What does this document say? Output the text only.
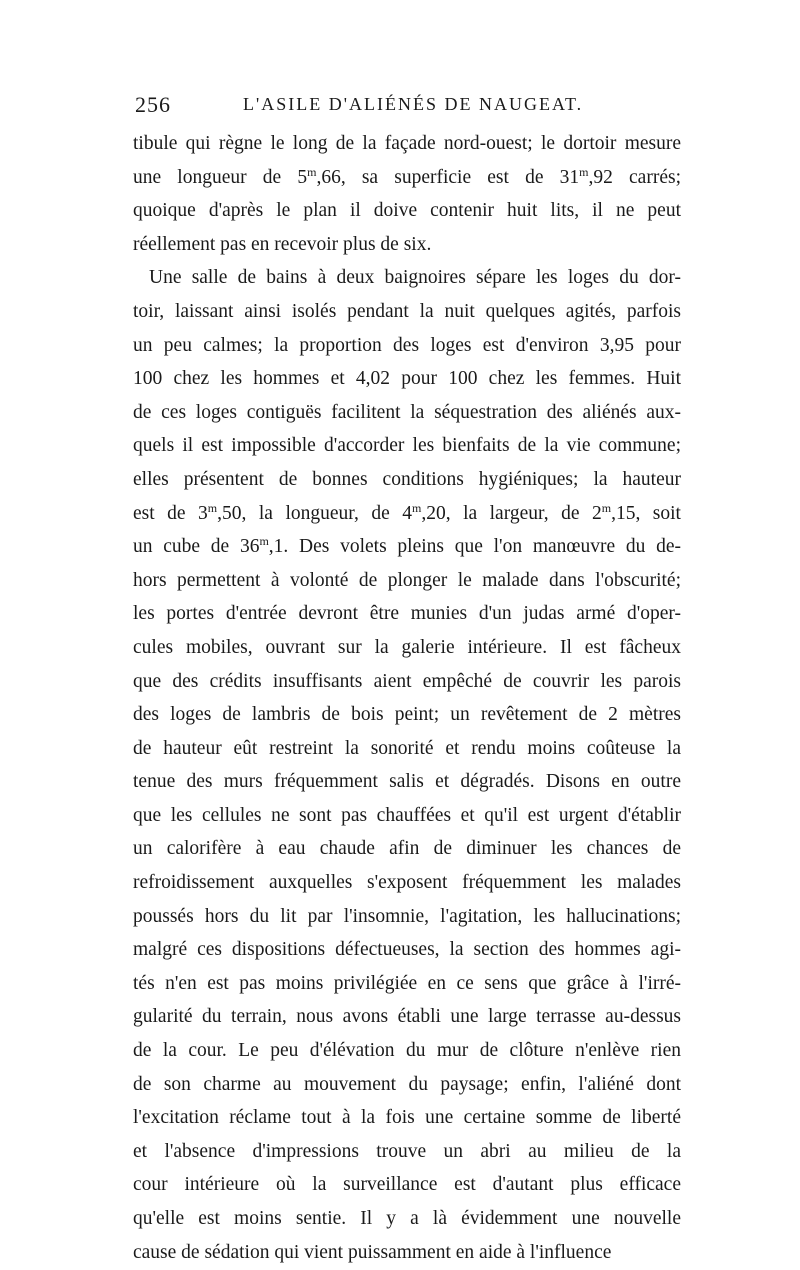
256	L'ASILE D'ALIÉNÉS DE NAUGEAT.
tibule qui règne le long de la façade nord-ouest; le dortoir mesure
une longueur de 5$^m$,66, sa superficie est de 31$^m$,92 carrés;
quoique d'après le plan il doive contenir huit lits, il ne peut
réellement pas en recevoir plus de six.
Une salle de bains à deux baignoires sépare les loges du dor-
toir, laissant ainsi isolés pendant la nuit quelques agités, parfois
un peu calmes; la proportion des loges est d'environ 3,95 pour
100 chez les hommes et 4,02 pour 100 chez les femmes. Huit
de ces loges contiguës facilitent la séquestration des aliénés aux-
quels il est impossible d'accorder les bienfaits de la vie commune;
elles présentent de bonnes conditions hygiéniques; la hauteur
est de 3$^m$,50, la longueur, de 4$^m$,20, la largeur, de 2$^m$,15, soit
un cube de 36$^m$,1. Des volets pleins que l'on manœuvre du de-
hors permettent à volonté de plonger le malade dans l'obscurité;
les portes d'entrée devront être munies d'un judas armé d'oper-
cules mobiles, ouvrant sur la galerie intérieure. Il est fâcheux
que des crédits insuffisants aient empêché de couvrir les parois
des loges de lambris de bois peint; un revêtement de 2 mètres
de hauteur eût restreint la sonorité et rendu moins coûteuse la
tenue des murs fréquemment salis et dégradés. Disons en outre
que les cellules ne sont pas chauffées et qu'il est urgent d'établir
un calorifère à eau chaude afin de diminuer les chances de
refroidissement auxquelles s'exposent fréquemment les malades
poussés hors du lit par l'insomnie, l'agitation, les hallucinations;
malgré ces dispositions défectueuses, la section des hommes agi-
tés n'en est pas moins privilégiée en ce sens que grâce à l'irré-
gularité du terrain, nous avons établi une large terrasse au-dessus
de la cour. Le peu d'élévation du mur de clôture n'enlève rien
de son charme au mouvement du paysage; enfin, l'aliéné dont
l'excitation réclame tout à la fois une certaine somme de liberté
et l'absence d'impressions trouve un abri au milieu de la
cour intérieure où la surveillance est d'autant plus efficace
qu'elle est moins sentie. Il y a là évidemment une nouvelle
cause de sédation qui vient puissamment en aide à l'influence
